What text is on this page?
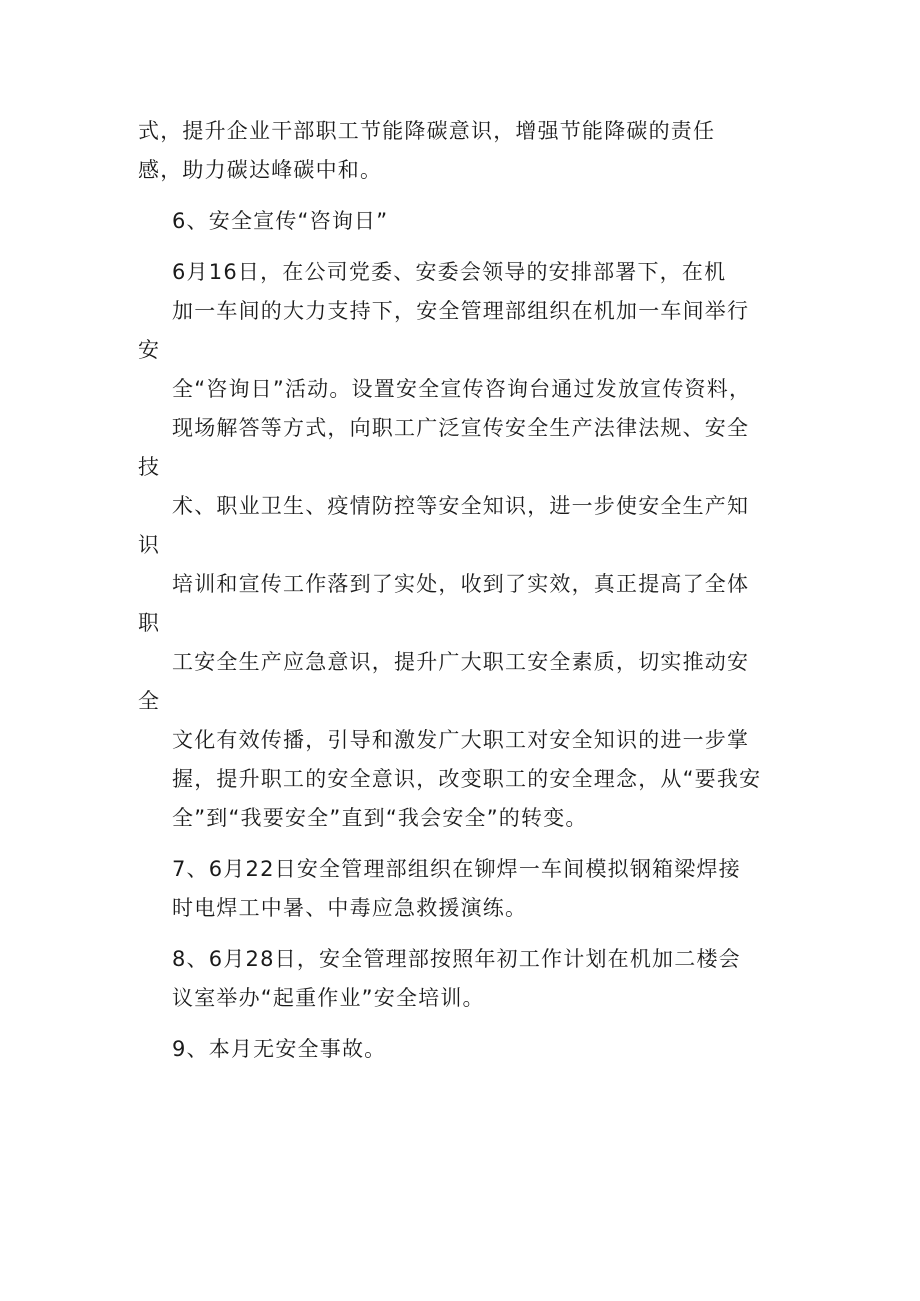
式，提升企业干部职工节能降碳意识，增强节能降碳的责任
感，助力碳达峰碳中和。

6、安全宣传“咨询日”

6月16日，在公司党委、安委会领导的安排部署下，在机
加一车间的大力支持下，安全管理部组织在机加一车间举行安
全“咨询日”活动。设置安全宣传咨询台通过发放宣传资料，
现场解答等方式，向职工广泛宣传安全生产法律法规、安全技
术、职业卫生、疫情防控等安全知识，进一步使安全生产知识
培训和宣传工作落到了实处，收到了实效，真正提高了全体职
工安全生产应急意识，提升广大职工安全素质，切实推动安全
文化有效传播，引导和激发广大职工对安全知识的进一步掌
握，提升职工的安全意识，改变职工的安全理念，从“要我安
全”到“我要安全”直到“我会安全”的转变。

7、6月22日安全管理部组织在铆焊一车间模拟钢箱梁焊接
时电焊工中暑、中毒应急救援演练。

8、6月28日，安全管理部按照年初工作计划在机加二楼会
议室举办“起重作业”安全培训。

9、本月无安全事故。
